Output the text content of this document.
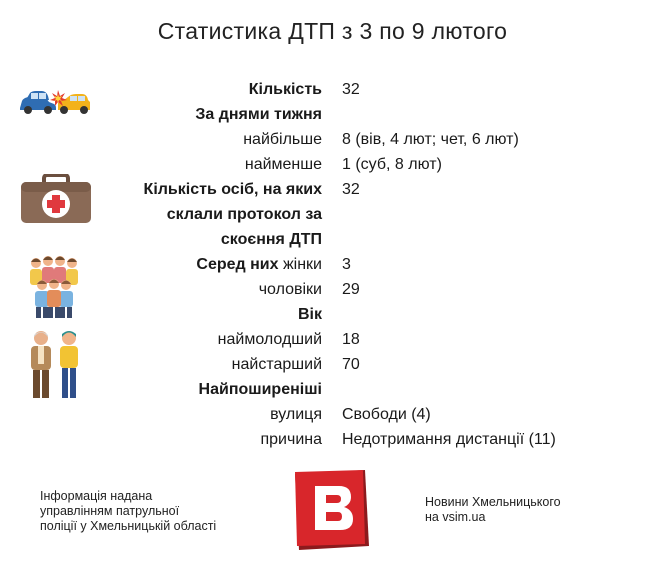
Статистика ДТП з 3 по 9 лютого
Кількість 32
За днями тижня
найбільше 8 (вів, 4 лют; чет, 6 лют)
найменше 1 (суб, 8 лют)
Кількість осіб, на яких 32
склали протокол за
скоєння ДТП
Серед них жінки 3
чоловіки 29
Вік
наймолодший 18
найстарший 70
Найпоширеніші
вулиця Свободи (4)
причина Недотримання дистанції (11)
Інформація надана
управлінням патрульної
поліції у Хмельницькій області
Новини Хмельницького
на vsim.ua
